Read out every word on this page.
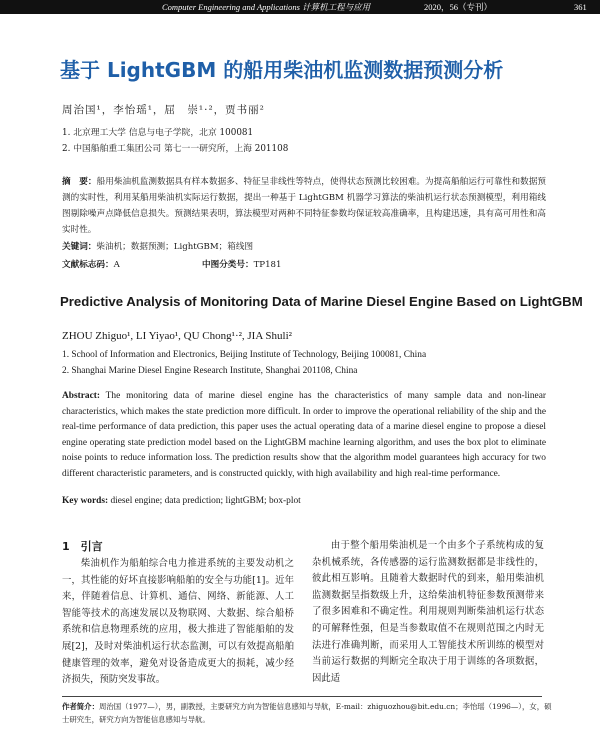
Computer Engineering and Applications 计算机工程与应用	2020，56（专刊）	361
基于 LightGBM 的船用柴油机监测数据预测分析
周治国¹，李怡瑶¹，屈　崇¹·²，贾书丽²
1. 北京理工大学 信息与电子学院，北京 100081
2. 中国船舶重工集团公司 第七一一研究所，上海 201108
摘　要：船用柴油机监测数据具有样本数据多、特征呈非线性等特点，使得状态预测比较困难。为提高船舶运行可靠性和数据预测的实时性，利用某船用柴油机实际运行数据，提出一种基于 LightGBM 机器学习算法的柴油机运行状态预测模型，利用箱线图剔除噪声点降低信息损失。预测结果表明，算法模型对两种不同特征参数均保证较高准确率，且构建迅速，具有高可用性和高实时性。
关键词：柴油机；数据预测；LightGBM；箱线图
文献标志码：A	中图分类号：TP181
Predictive Analysis of Monitoring Data of Marine Diesel Engine Based on LightGBM
ZHOU Zhiguo¹, LI Yiyao¹, QU Chong¹·², JIA Shuli²
1. School of Information and Electronics, Beijing Institute of Technology, Beijing 100081, China
2. Shanghai Marine Diesel Engine Research Institute, Shanghai 201108, China
Abstract: The monitoring data of marine diesel engine has the characteristics of many sample data and non-linear characteristics, which makes the state prediction more difficult. In order to improve the operational reliability of the ship and the real-time performance of data prediction, this paper uses the actual operating data of a marine diesel engine to propose a diesel engine operating state prediction model based on the LightGBM machine learning algorithm, and uses the box plot to eliminate noise points to reduce information loss. The prediction results show that the algorithm model guarantees high accuracy for two different characteristic parameters, and is constructed quickly, with high availability and high real-time performance.
Key words: diesel engine; data prediction; lightGBM; box-plot
1　引言

柴油机作为船舶综合电力推进系统的主要发动机之一，其性能的好坏直接影响船舶的安全与功能[1]。近年来，伴随着信息、计算机、通信、网络、新能源、人工智能等技术的高速发展以及物联网、大数据、综合船桥系统和信息物理系统的应用，极大推进了智能船舶的发展[2]，及时对柴油机运行状态监测，可以有效提高船舶健康管理的效率，避免对设备造成更大的损耗，减少经济损失，预防突发事故。

由于整个船用柴油机是一个由多个子系统构成的复杂机械系统，各传感器的运行监测数据都是非线性的，彼此相互影响。且随着大数据时代的到来，船用柴油机监测数据呈指数级上升，这给柴油机特征参数预测带来了很多困难和不确定性。利用规则判断柴油机运行状态的可解释性强，但是当参数取值不在规则范围之内时无法进行准确判断，而采用人工智能技术所训练的模型对当前运行数据的判断完全取决于用于训练的各项数据，因此适

作者简介：周治国（1977—），男，副教授，主要研究方向为智能信息感知与导航，E-mail：zhiguozhou@bit.edu.cn；李怡瑶（1996—），女，硕士研究生，研究方向为智能信息感知与导航。
